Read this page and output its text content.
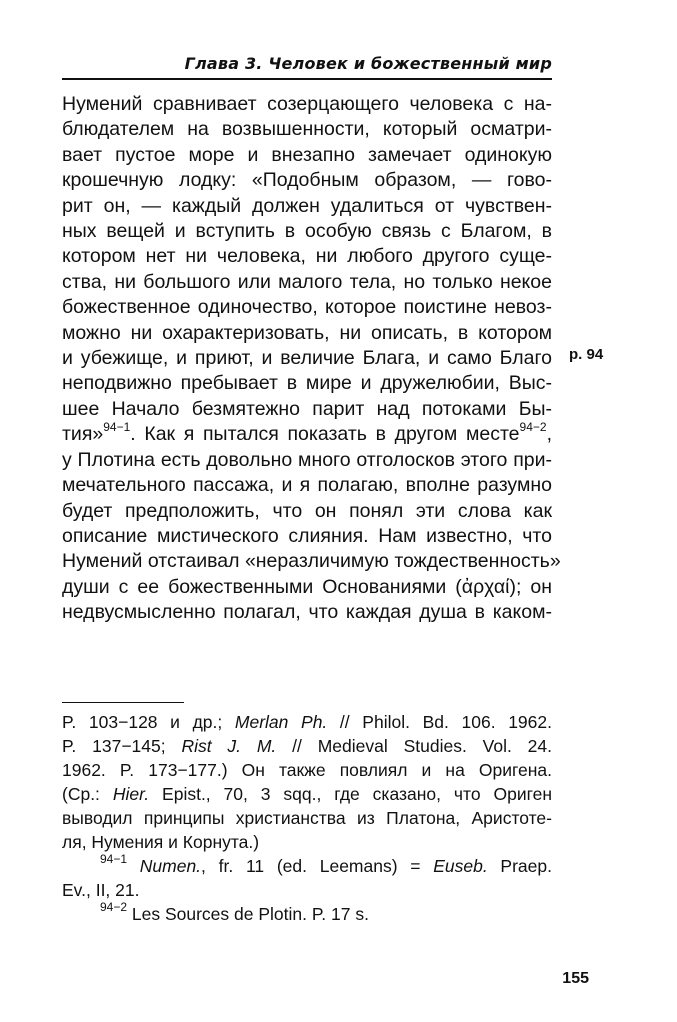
Глава 3. Человек и божественный мир
Нумений сравнивает созерцающего человека с на-
блюдателем на возвышенности, который осматри-
вает пустое море и внезапно замечает одинокую
крошечную лодку: «Подобным образом, — гово-
рит он, — каждый должен удалиться от чувствен-
ных вещей и вступить в особую связь с Благом, в
котором нет ни человека, ни любого другого суще-
ства, ни большого или малого тела, но только некое
божественное одиночество, которое поистине невоз-
можно ни охарактеризовать, ни описать, в котором
и убежище, и приют, и величие Блага, и само Благо
неподвижно пребывает в мире и дружелюбии, Выс-
шее Начало безмятежно парит над потоками Бы-
тия»$^{94-1}$. Как я пытался показать в другом месте$^{94-2}$,
у Плотина есть довольно много отголосков этого при-
мечательного пассажа, и я полагаю, вполне разумно
будет предположить, что он понял эти слова как
описание мистического слияния. Нам известно, что
Нумений отстаивал «неразличимую тождественность»
души с ее божественными Основаниями (ἀρχαί); он
недвусмысленно полагал, что каждая душа в каком-
p. 94
P. 103−128 и др.; Merlan Ph. // Philol. Bd. 106. 1962.
P. 137−145; Rist J. M. // Medieval Studies. Vol. 24.
1962. P. 173−177.) Он также повлиял и на Оригена.
(Ср.: Hier. Epist., 70, 3 sqq., где сказано, что Ориген
выводил принципы христианства из Платона, Аристоте-
ля, Нумения и Корнута.)
$^{94-1}$ Numen., fr. 11 (ed. Leemans) = Euseb. Praep.
Ev., II, 21.
$^{94-2}$ Les Sources de Plotin. P. 17 s.
155
